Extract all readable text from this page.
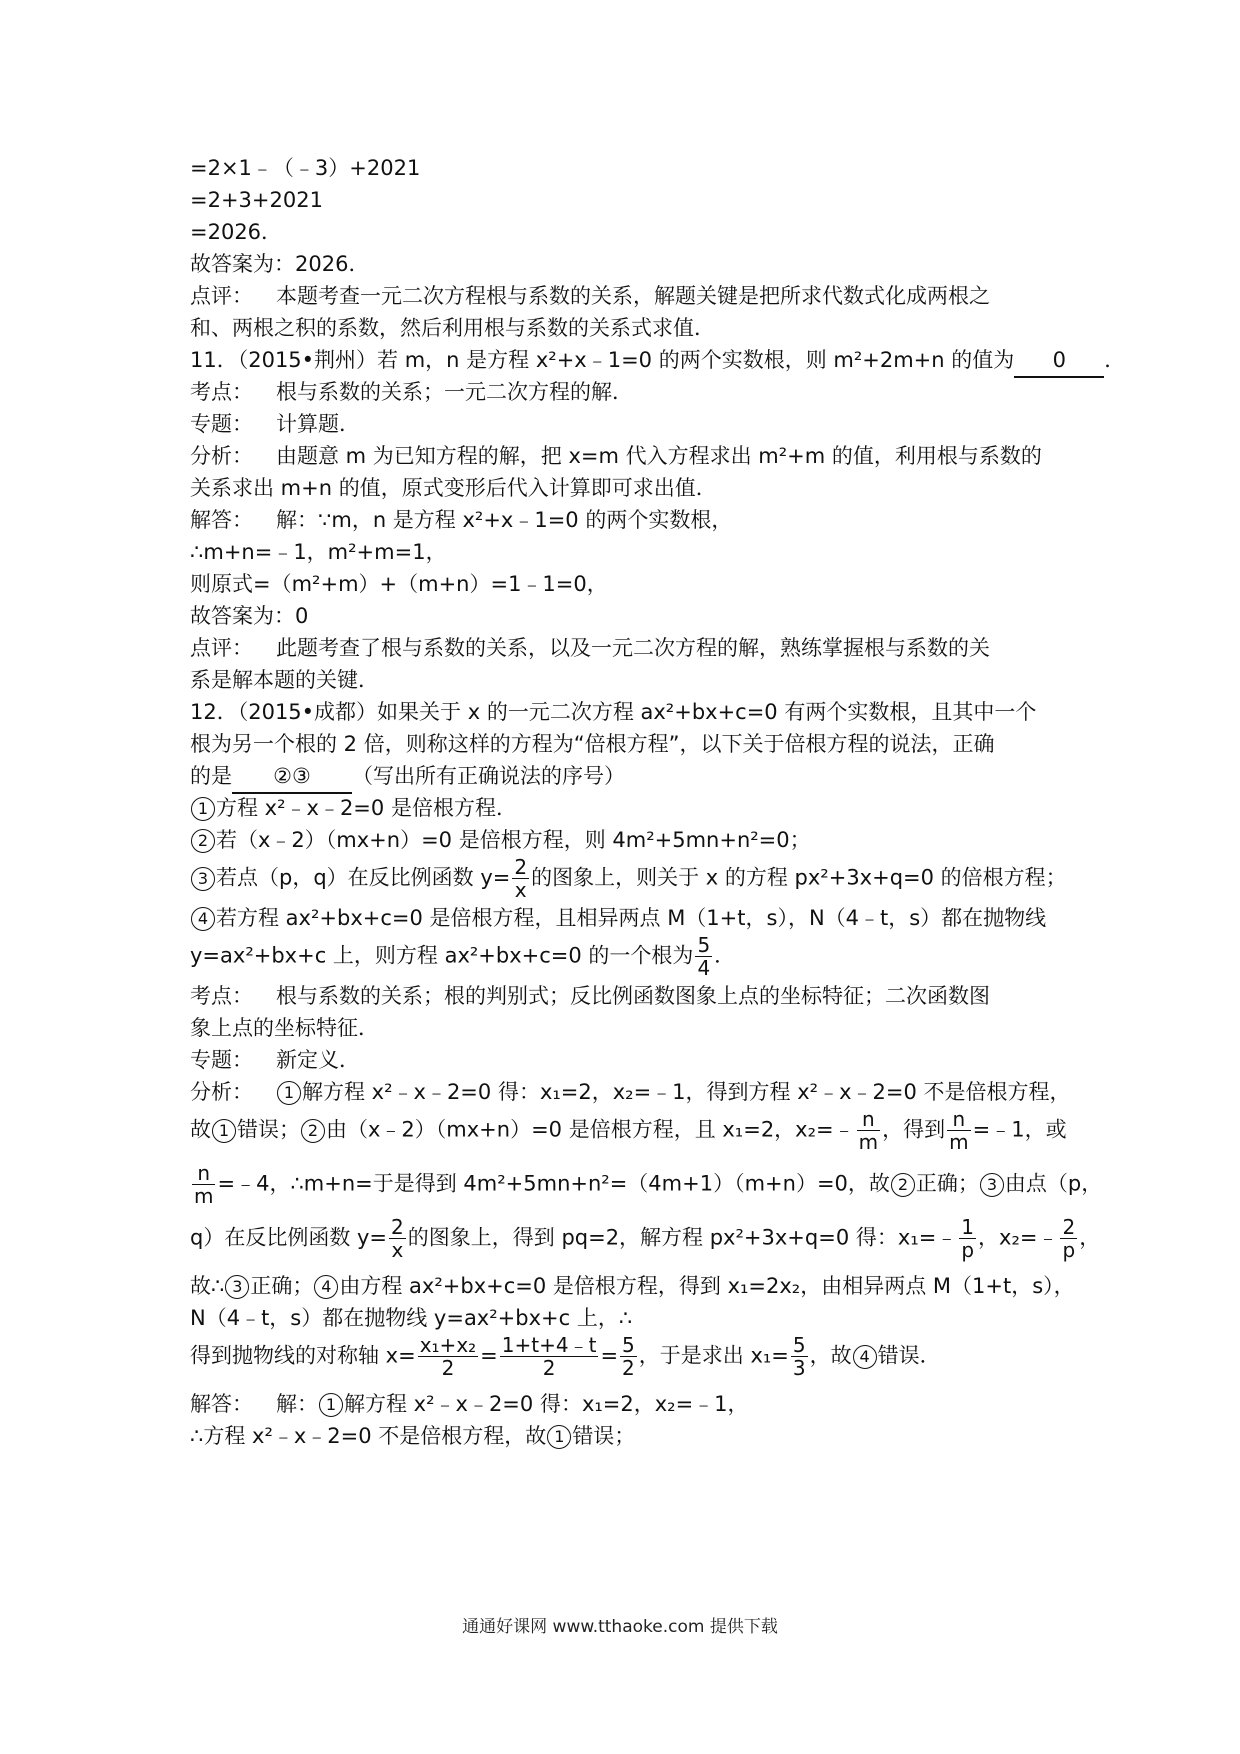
=2×1﹣（﹣3）+2021
=2+3+2021
=2026．
故答案为：2026．
点评： 本题考查一元二次方程根与系数的关系，解题关键是把所求代数式化成两根之
和、两根之积的系数，然后利用根与系数的关系式求值．
11．（2015•荆州）若 m，n 是方程 x²+x﹣1=0 的两个实数根，则 m²+2m+n 的值为 0 ．
考点： 根与系数的关系；一元二次方程的解．
专题： 计算题．
分析： 由题意 m 为已知方程的解，把 x=m 代入方程求出 m²+m 的值，利用根与系数的
关系求出 m+n 的值，原式变形后代入计算即可求出值．
解答： 解：∵m，n 是方程 x²+x﹣1=0 的两个实数根，
∴m+n=﹣1，m²+m=1，
则原式=（m²+m）+（m+n）=1﹣1=0，
故答案为：0
点评： 此题考查了根与系数的关系，以及一元二次方程的解，熟练掌握根与系数的关
系是解本题的关键．
12．（2015•成都）如果关于 x 的一元二次方程 ax²+bx+c=0 有两个实数根，且其中一个
根为另一个根的 2 倍，则称这样的方程为“倍根方程”，以下关于倍根方程的说法，正确
的是 ②③ （写出所有正确说法的序号）
1 方程 x²﹣x﹣2=0 是倍根方程．
2 若（x﹣2）（mx+n）=0 是倍根方程，则 4m²+5mn+n²=0；
3 若点（p，q）在反比例函数 $y= \frac{2}{x}$ 的图象上，则关于 x 的方程 px²+3x+q=0 的倍根方程；
4 若方程 ax²+bx+c=0 是倍根方程，且相异两点 M（1+t，s），N（4﹣t，s）都在抛物线
y=ax²+bx+c 上，则方程 ax²+bx+c=0 的一个根为 $\frac{5}{4}$ ．
考点： 根与系数的关系；根的判别式；反比例函数图象上点的坐标特征；二次函数图
象上点的坐标特征．
专题： 新定义．
分析： 1 解方程 x²﹣x﹣2=0 得：x₁=2，x₂=﹣1，得到方程 x²﹣x﹣2=0 不是倍根方程，
故 1 错误； 2 由（x﹣2）（mx+n）=0 是倍根方程，且 x₁=2，x₂=﹣ $\frac{n}{m}$ ，得到 $\frac{n}{m}$ =﹣1，或
$\frac{n}{m}$ =﹣4，∴m+n=于是得到 4m²+5mn+n²=（4m+1）（m+n）=0，故 2 正确； 3 由点（p，
q）在反比例函数 $y= \frac{2}{x}$ 的图象上，得到 pq=2，解方程 px²+3x+q=0 得：x₁=﹣ $\frac{1}{p}$ ，x₂=﹣ $\frac{2}{p}$ ，
故∴ 3 正确； 4 由方程 ax²+bx+c=0 是倍根方程，得到 x₁=2x₂，由相异两点 M（1+t，s），
N（4﹣t，s）都在抛物线 y=ax²+bx+c 上，∴
得到抛物线的对称轴 $x= \frac{\text{x₁+x₂}}{2} = \frac{1+t+4﹣t}{2} = \frac{5}{2}$ ，于是求出 $x_1= \frac{5}{3}$ ，故 4 错误．
解答： 解： 1 解方程 x²﹣x﹣2=0 得：x₁=2，x₂=﹣1，
∴方程 x²﹣x﹣2=0 不是倍根方程，故 1 错误；
通通好课网 www.tthaoke.com 提供下载
